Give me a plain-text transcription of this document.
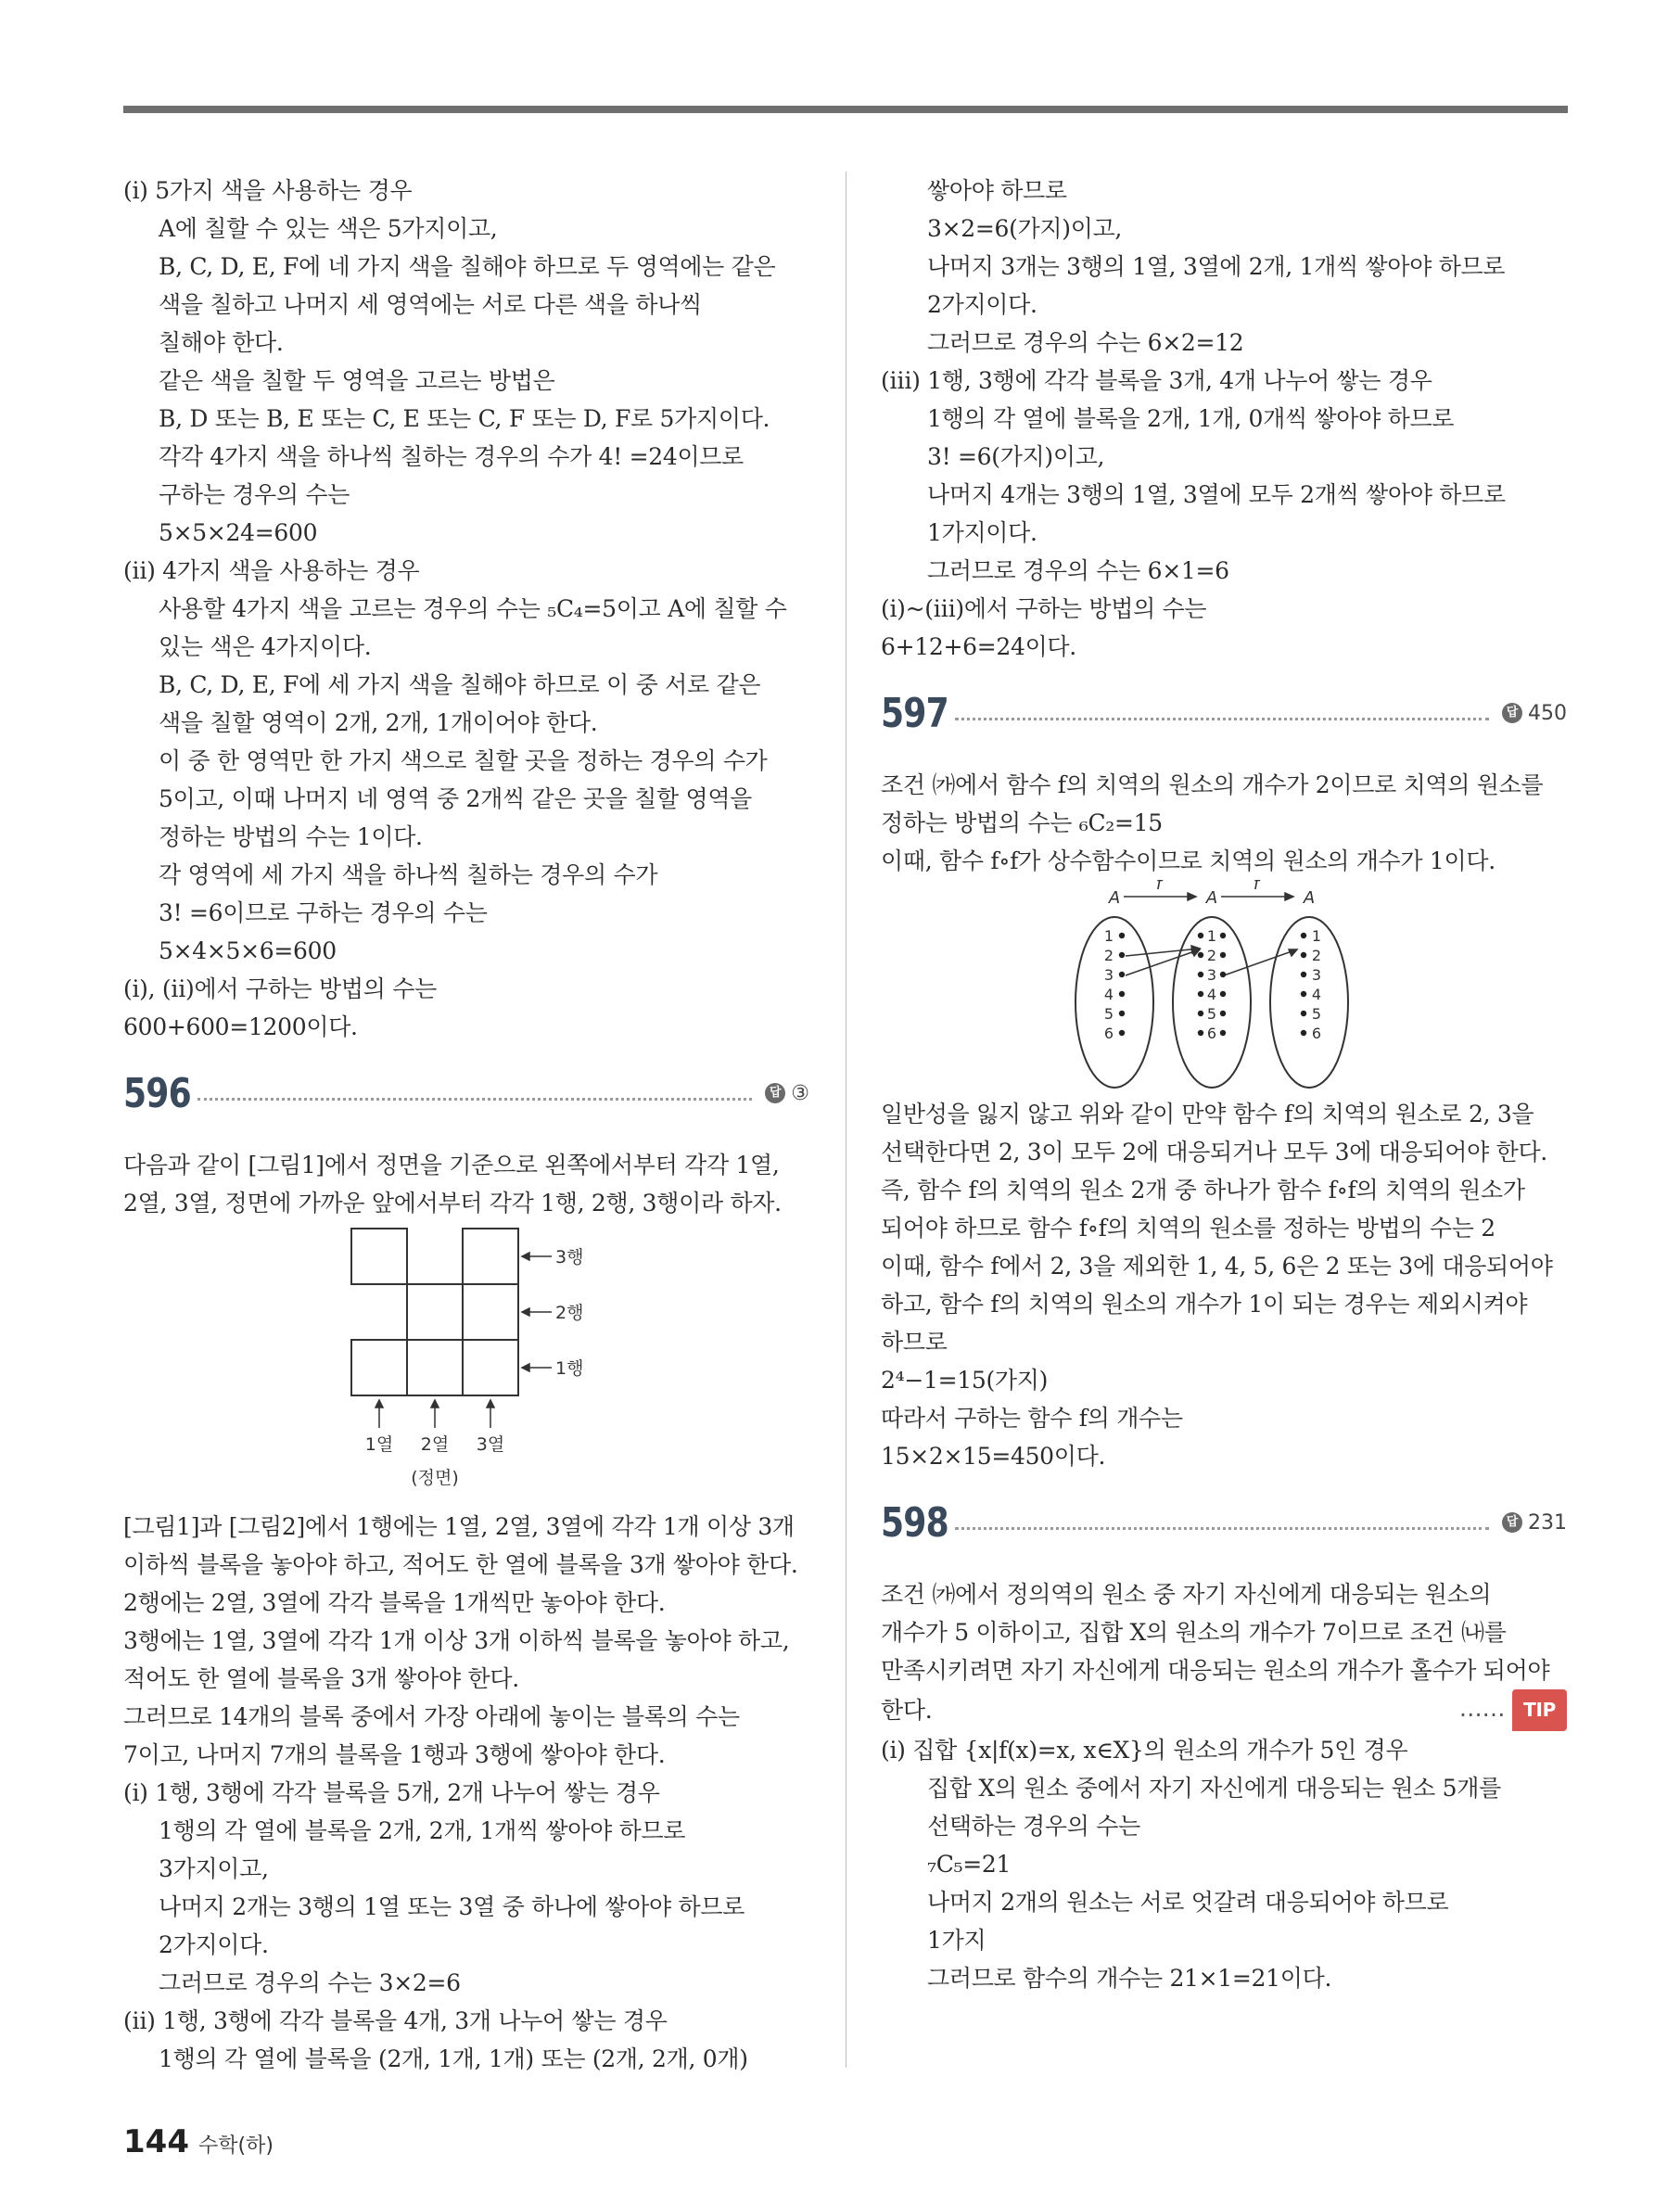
(ⅰ) 5가지 색을 사용하는 경우
A에 칠할 수 있는 색은 5가지이고,
B, C, D, E, F에 네 가지 색을 칠해야 하므로 두 영역에는 같은
색을 칠하고 나머지 세 영역에는 서로 다른 색을 하나씩
칠해야 한다.
같은 색을 칠할 두 영역을 고르는 방법은
B, D 또는 B, E 또는 C, E 또는 C, F 또는 D, F로 5가지이다.
각각 4가지 색을 하나씩 칠하는 경우의 수가 4! =24이므로
구하는 경우의 수는
5×5×24=600
(ⅱ) 4가지 색을 사용하는 경우
사용할 4가지 색을 고르는 경우의 수는 ₅C₄=5이고 A에 칠할 수
있는 색은 4가지이다.
B, C, D, E, F에 세 가지 색을 칠해야 하므로 이 중 서로 같은
색을 칠할 영역이 2개, 2개, 1개이어야 한다.
이 중 한 영역만 한 가지 색으로 칠할 곳을 정하는 경우의 수가
5이고, 이때 나머지 네 영역 중 2개씩 같은 곳을 칠할 영역을
정하는 방법의 수는 1이다.
각 영역에 세 가지 색을 하나씩 칠하는 경우의 수가
3! =6이므로 구하는 경우의 수는
5×4×5×6=600
(ⅰ), (ⅱ)에서 구하는 방법의 수는
600+600=1200이다.
596	답 ③
다음과 같이 [그림1]에서 정면을 기준으로 왼쪽에서부터 각각 1열,
2열, 3열, 정면에 가까운 앞에서부터 각각 1행, 2행, 3행이라 하자.
3행
2행
1행
1열 2열 3열
(정면)
[그림1]과 [그림2]에서 1행에는 1열, 2열, 3열에 각각 1개 이상 3개
이하씩 블록을 놓아야 하고, 적어도 한 열에 블록을 3개 쌓아야 한다.
2행에는 2열, 3열에 각각 블록을 1개씩만 놓아야 한다.
3행에는 1열, 3열에 각각 1개 이상 3개 이하씩 블록을 놓아야 하고,
적어도 한 열에 블록을 3개 쌓아야 한다.
그러므로 14개의 블록 중에서 가장 아래에 놓이는 블록의 수는
7이고, 나머지 7개의 블록을 1행과 3행에 쌓아야 한다.
(ⅰ) 1행, 3행에 각각 블록을 5개, 2개 나누어 쌓는 경우
1행의 각 열에 블록을 2개, 2개, 1개씩 쌓아야 하므로
3가지이고,
나머지 2개는 3행의 1열 또는 3열 중 하나에 쌓아야 하므로
2가지이다.
그러므로 경우의 수는 3×2=6
(ⅱ) 1행, 3행에 각각 블록을 4개, 3개 나누어 쌓는 경우
1행의 각 열에 블록을 (2개, 1개, 1개) 또는 (2개, 2개, 0개)
쌓아야 하므로
3×2=6(가지)이고,
나머지 3개는 3행의 1열, 3열에 2개, 1개씩 쌓아야 하므로
2가지이다.
그러므로 경우의 수는 6×2=12
(ⅲ) 1행, 3행에 각각 블록을 3개, 4개 나누어 쌓는 경우
1행의 각 열에 블록을 2개, 1개, 0개씩 쌓아야 하므로
3! =6(가지)이고,
나머지 4개는 3행의 1열, 3열에 모두 2개씩 쌓아야 하므로
1가지이다.
그러므로 경우의 수는 6×1=6
(ⅰ)~(ⅲ)에서 구하는 방법의 수는
6+12+6=24이다.
597	답 450
조건 ㈎에서 함수 f의 치역의 원소의 개수가 2이므로 치역의 원소를
정하는 방법의 수는 ₆C₂=15
이때, 함수 f∘f가 상수함수이므로 치역의 원소의 개수가 1이다.
A	A	A
f	f
1
2
3
4
5
6
1
2
3
4
5
6
1
2
3
4
5
6
일반성을 잃지 않고 위와 같이 만약 함수 f의 치역의 원소로 2, 3을
선택한다면 2, 3이 모두 2에 대응되거나 모두 3에 대응되어야 한다.
즉, 함수 f의 치역의 원소 2개 중 하나가 함수 f∘f의 치역의 원소가
되어야 하므로 함수 f∘f의 치역의 원소를 정하는 방법의 수는 2
이때, 함수 f에서 2, 3을 제외한 1, 4, 5, 6은 2 또는 3에 대응되어야
하고, 함수 f의 치역의 원소의 개수가 1이 되는 경우는 제외시켜야
하므로
2⁴−1=15(가지)
따라서 구하는 함수 f의 개수는
15×2×15=450이다.
598	답 231
조건 ㈎에서 정의역의 원소 중 자기 자신에게 대응되는 원소의
개수가 5 이하이고, 집합 X의 원소의 개수가 7이므로 조건 ㈏를
만족시키려면 자기 자신에게 대응되는 원소의 개수가 홀수가 되어야
한다.	…… TIP
(ⅰ) 집합 {x|f(x)=x, x∈X}의 원소의 개수가 5인 경우
집합 X의 원소 중에서 자기 자신에게 대응되는 원소 5개를
선택하는 경우의 수는
₇C₅=21
나머지 2개의 원소는 서로 엇갈려 대응되어야 하므로
1가지
그러므로 함수의 개수는 21×1=21이다.
144 수학(하)
